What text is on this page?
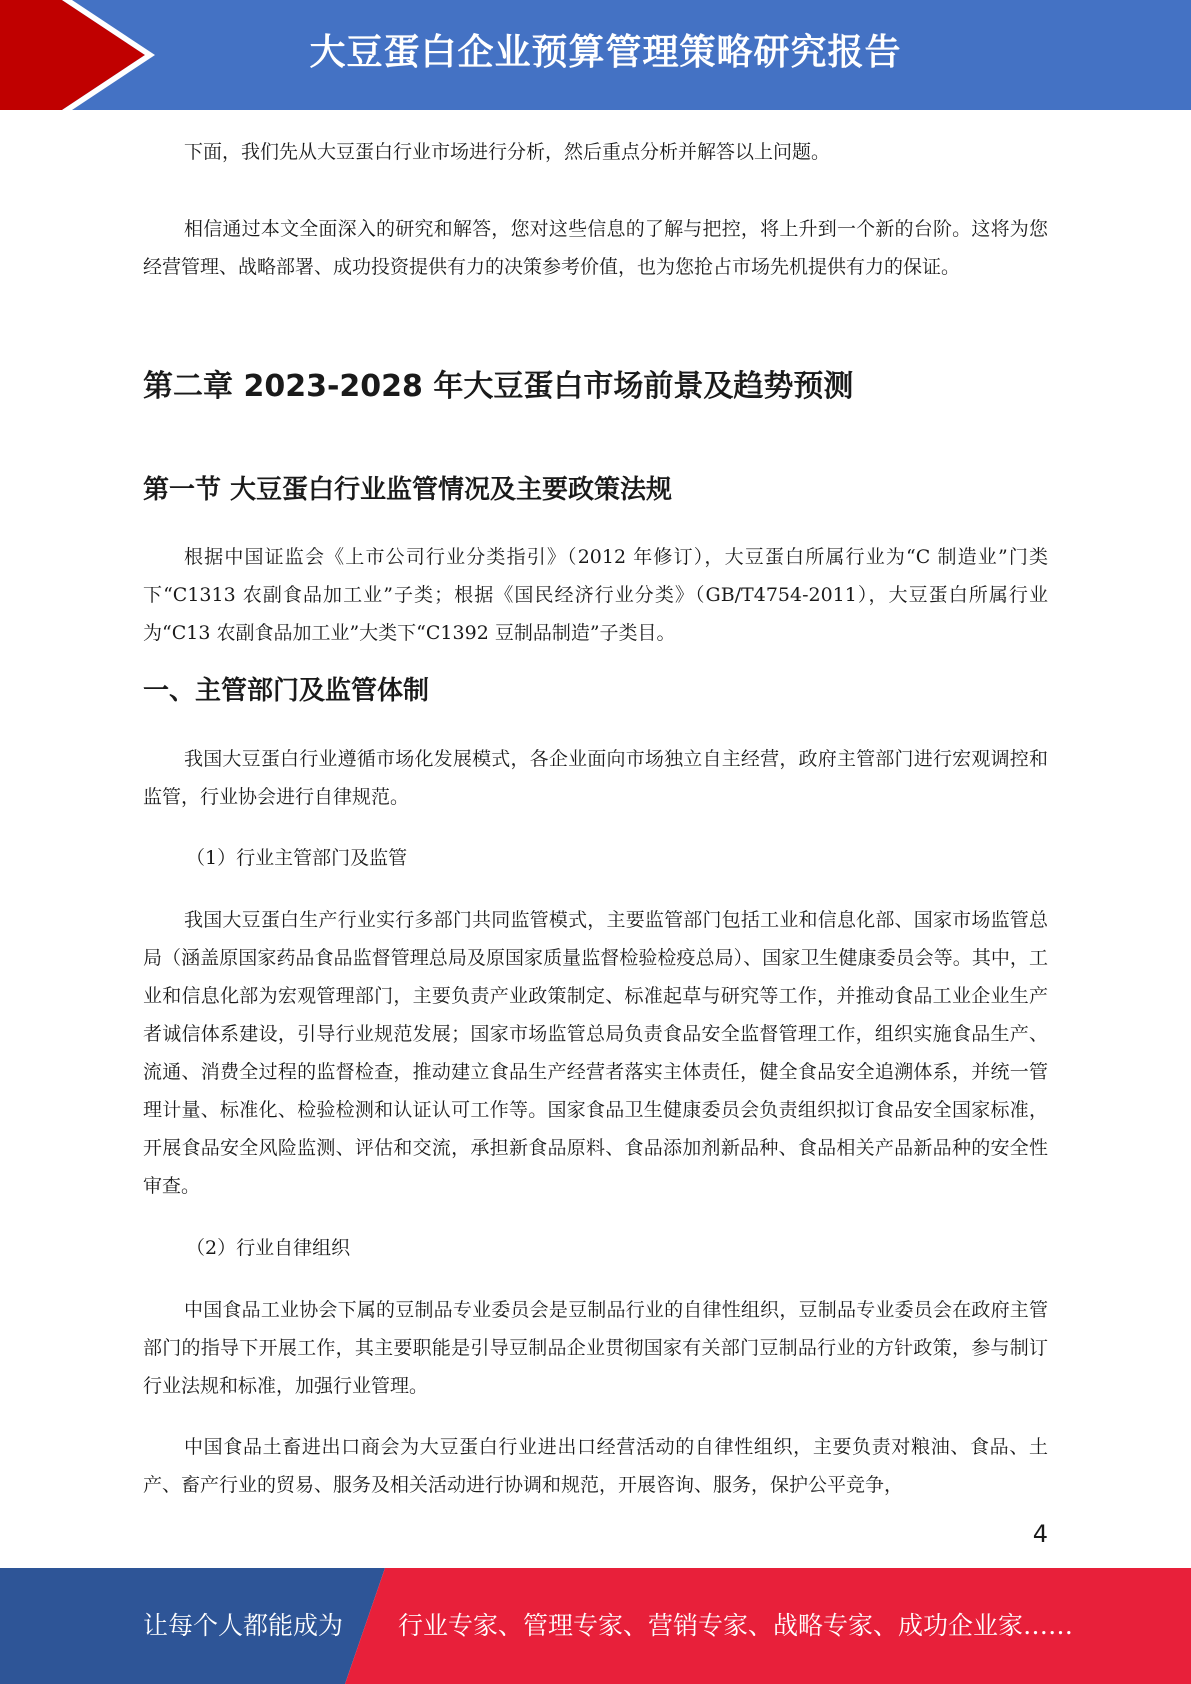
大豆蛋白企业预算管理策略研究报告

下面，我们先从大豆蛋白行业市场进行分析，然后重点分析并解答以上问题。

相信通过本文全面深入的研究和解答，您对这些信息的了解与把控，将上升到一个新的台阶。这将为您经营管理、战略部署、成功投资提供有力的决策参考价值，也为您抢占市场先机提供有力的保证。

第二章 2023-2028 年大豆蛋白市场前景及趋势预测
第一节 大豆蛋白行业监管情况及主要政策法规

根据中国证监会《上市公司行业分类指引》（2012 年修订），大豆蛋白所属行业为“C 制造业”门类下“C1313 农副食品加工业”子类；根据《国民经济行业分类》（GB/T4754-2011），大豆蛋白所属行业为“C13 农副食品加工业”大类下“C1392 豆制品制造”子类目。

一、主管部门及监管体制

我国大豆蛋白行业遵循市场化发展模式，各企业面向市场独立自主经营，政府主管部门进行宏观调控和监管，行业协会进行自律规范。

（1）行业主管部门及监管

我国大豆蛋白生产行业实行多部门共同监管模式，主要监管部门包括工业和信息化部、国家市场监管总局（涵盖原国家药品食品监督管理总局及原国家质量监督检验检疫总局）、国家卫生健康委员会等。其中，工业和信息化部为宏观管理部门，主要负责产业政策制定、标准起草与研究等工作，并推动食品工业企业生产者诚信体系建设，引导行业规范发展；国家市场监管总局负责食品安全监督管理工作，组织实施食品生产、流通、消费全过程的监督检查，推动建立食品生产经营者落实主体责任，健全食品安全追溯体系，并统一管理计量、标准化、检验检测和认证认可工作等。国家食品卫生健康委员会负责组织拟订食品安全国家标准，开展食品安全风险监测、评估和交流，承担新食品原料、食品添加剂新品种、食品相关产品新品种的安全性审查。

（2）行业自律组织

中国食品工业协会下属的豆制品专业委员会是豆制品行业的自律性组织，豆制品专业委员会在政府主管部门的指导下开展工作，其主要职能是引导豆制品企业贯彻国家有关部门豆制品行业的方针政策，参与制订行业法规和标准，加强行业管理。

中国食品土畜进出口商会为大豆蛋白行业进出口经营活动的自律性组织，主要负责对粮油、食品、土产、畜产行业的贸易、服务及相关活动进行协调和规范，开展咨询、服务，保护公平竞争，

4
让每个人都能成为 行业专家、管理专家、营销专家、战略专家、成功企业家……
